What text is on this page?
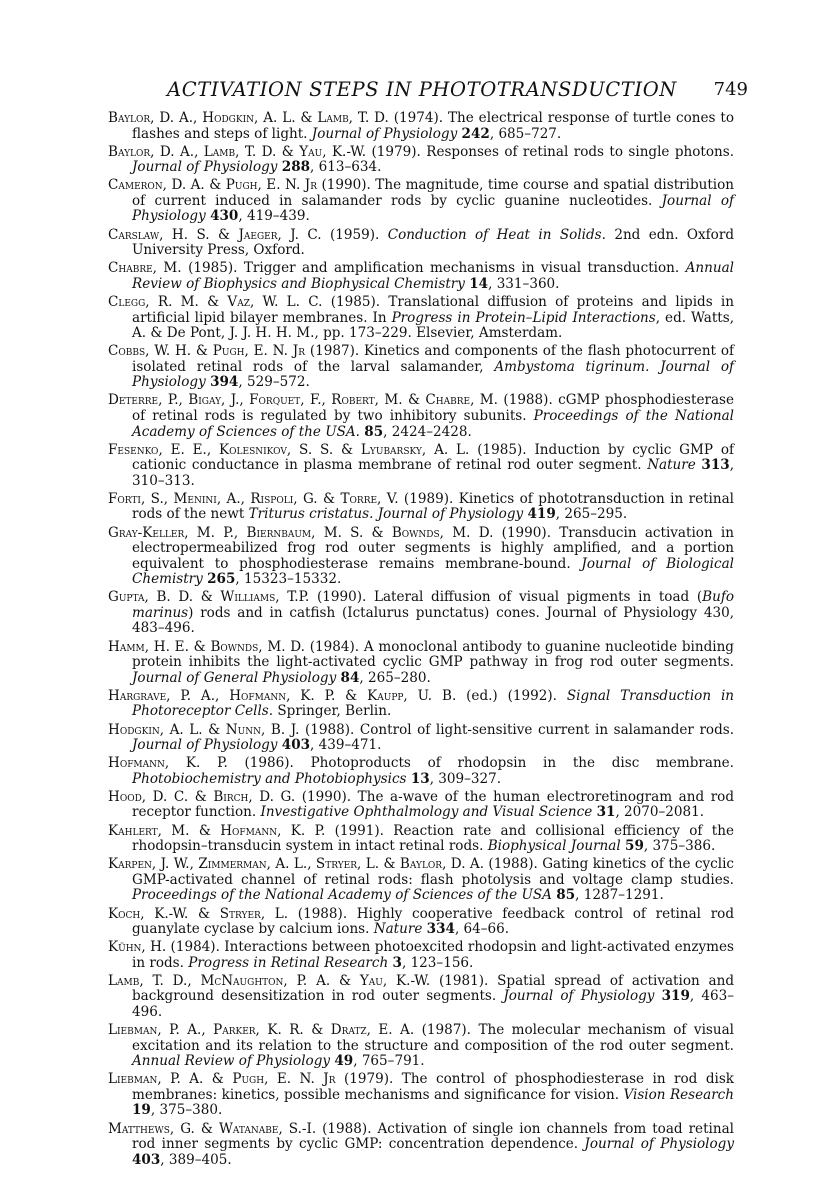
ACTIVATION STEPS IN PHOTOTRANSDUCTION	749
Baylor, D. A., Hodgkin, A. L. & Lamb, T. D. (1974). The electrical response of turtle cones to flashes and steps of light. Journal of Physiology 242, 685–727.
Baylor, D. A., Lamb, T. D. & Yau, K.-W. (1979). Responses of retinal rods to single photons. Journal of Physiology 288, 613–634.
Cameron, D. A. & Pugh, E. N. Jr (1990). The magnitude, time course and spatial distribution of current induced in salamander rods by cyclic guanine nucleotides. Journal of Physiology 430, 419–439.
Carslaw, H. S. & Jaeger, J. C. (1959). Conduction of Heat in Solids. 2nd edn. Oxford University Press, Oxford.
Chabre, M. (1985). Trigger and amplification mechanisms in visual transduction. Annual Review of Biophysics and Biophysical Chemistry 14, 331–360.
Clegg, R. M. & Vaz, W. L. C. (1985). Translational diffusion of proteins and lipids in artificial lipid bilayer membranes. In Progress in Protein–Lipid Interactions, ed. Watts, A. & De Pont, J. J. H. H. M., pp. 173–229. Elsevier, Amsterdam.
Cobbs, W. H. & Pugh, E. N. Jr (1987). Kinetics and components of the flash photocurrent of isolated retinal rods of the larval salamander, Ambystoma tigrinum. Journal of Physiology 394, 529–572.
Deterre, P., Bigay, J., Forquet, F., Robert, M. & Chabre, M. (1988). cGMP phosphodiesterase of retinal rods is regulated by two inhibitory subunits. Proceedings of the National Academy of Sciences of the USA. 85, 2424–2428.
Fesenko, E. E., Kolesnikov, S. S. & Lyubarsky, A. L. (1985). Induction by cyclic GMP of cationic conductance in plasma membrane of retinal rod outer segment. Nature 313, 310–313.
Forti, S., Menini, A., Rispoli, G. & Torre, V. (1989). Kinetics of phototransduction in retinal rods of the newt Triturus cristatus. Journal of Physiology 419, 265–295.
Gray-Keller, M. P., Biernbaum, M. S. & Bownds, M. D. (1990). Transducin activation in electropermeabilized frog rod outer segments is highly amplified, and a portion equivalent to phosphodiesterase remains membrane-bound. Journal of Biological Chemistry 265, 15323–15332.
Gupta, B. D. & Williams, T.P. (1990). Lateral diffusion of visual pigments in toad (Bufo marinus) rods and in catfish (Ictalurus punctatus) cones. Journal of Physiology 430, 483–496.
Hamm, H. E. & Bownds, M. D. (1984). A monoclonal antibody to guanine nucleotide binding protein inhibits the light-activated cyclic GMP pathway in frog rod outer segments. Journal of General Physiology 84, 265–280.
Hargrave, P. A., Hofmann, K. P. & Kaupp, U. B. (ed.) (1992). Signal Transduction in Photoreceptor Cells. Springer, Berlin.
Hodgkin, A. L. & Nunn, B. J. (1988). Control of light-sensitive current in salamander rods. Journal of Physiology 403, 439–471.
Hofmann, K. P. (1986). Photoproducts of rhodopsin in the disc membrane. Photobiochemistry and Photobiophysics 13, 309–327.
Hood, D. C. & Birch, D. G. (1990). The a-wave of the human electroretinogram and rod receptor function. Investigative Ophthalmology and Visual Science 31, 2070–2081.
Kahlert, M. & Hofmann, K. P. (1991). Reaction rate and collisional efficiency of the rhodopsin–transducin system in intact retinal rods. Biophysical Journal 59, 375–386.
Karpen, J. W., Zimmerman, A. L., Stryer, L. & Baylor, D. A. (1988). Gating kinetics of the cyclic GMP-activated channel of retinal rods: flash photolysis and voltage clamp studies. Proceedings of the National Academy of Sciences of the USA 85, 1287–1291.
Koch, K.-W. & Stryer, L. (1988). Highly cooperative feedback control of retinal rod guanylate cyclase by calcium ions. Nature 334, 64–66.
Kühn, H. (1984). Interactions between photoexcited rhodopsin and light-activated enzymes in rods. Progress in Retinal Research 3, 123–156.
Lamb, T. D., McNaughton, P. A. & Yau, K.-W. (1981). Spatial spread of activation and background desensitization in rod outer segments. Journal of Physiology 319, 463–496.
Liebman, P. A., Parker, K. R. & Dratz, E. A. (1987). The molecular mechanism of visual excitation and its relation to the structure and composition of the rod outer segment. Annual Review of Physiology 49, 765–791.
Liebman, P. A. & Pugh, E. N. Jr (1979). The control of phosphodiesterase in rod disk membranes: kinetics, possible mechanisms and significance for vision. Vision Research 19, 375–380.
Matthews, G. & Watanabe, S.-I. (1988). Activation of single ion channels from toad retinal rod inner segments by cyclic GMP: concentration dependence. Journal of Physiology 403, 389–405.
